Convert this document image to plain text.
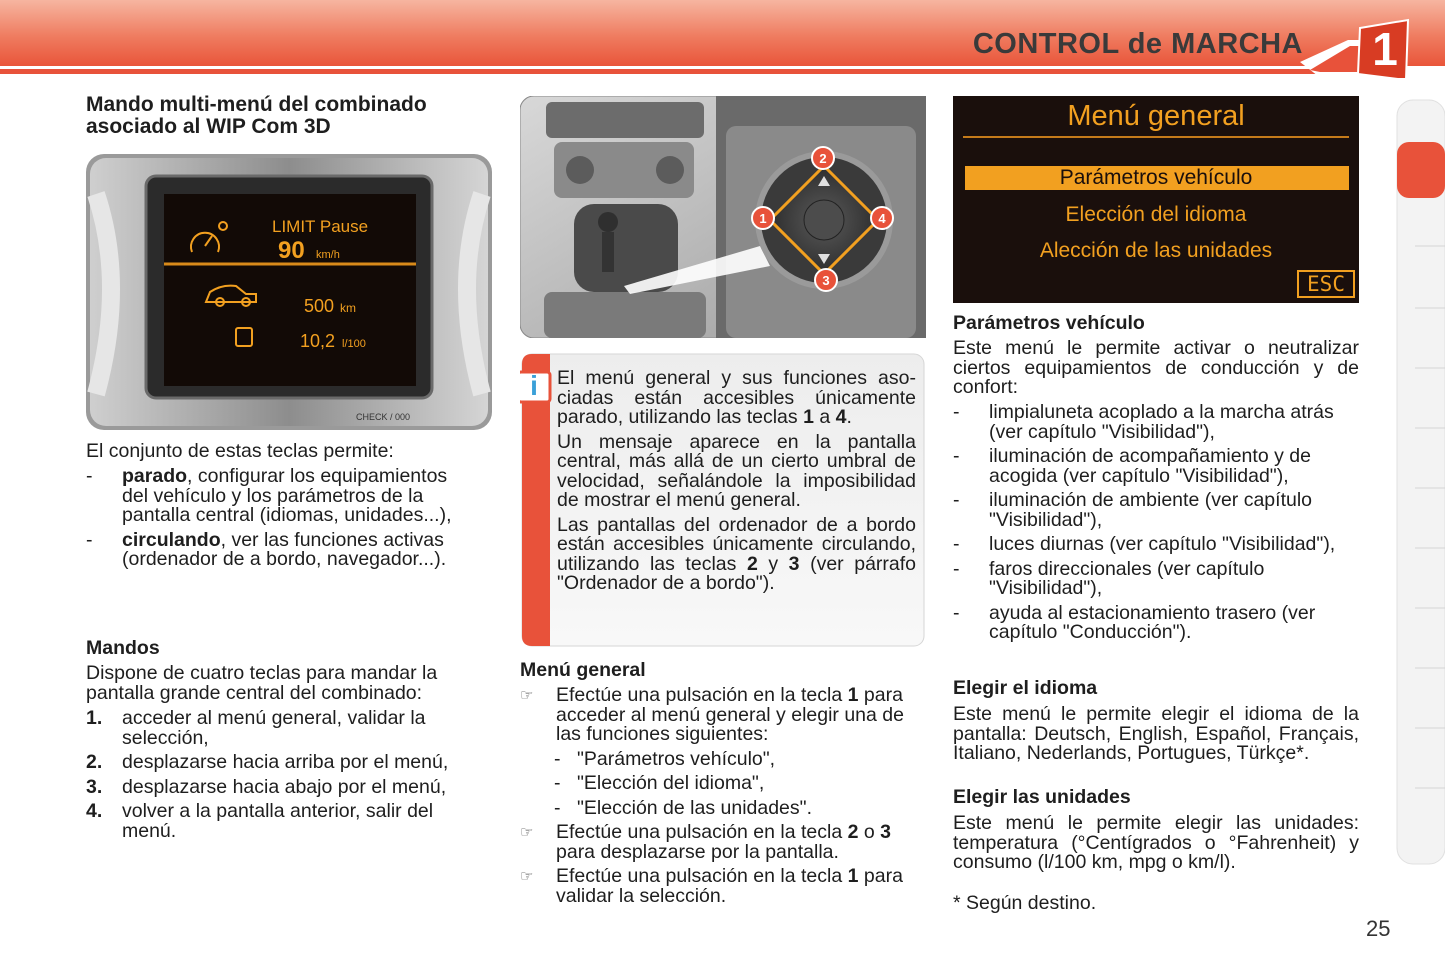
CONTROL de MARCHA 1
Mando multi-menú del combinado asociado al WIP Com 3D
LIMIT Pause
90 km/h
500 km
10,2 l/100
CHECK / 000
El conjunto de estas teclas permite:
- parado, configurar los equipamientos del vehículo y los parámetros de la pantalla central (idiomas, unidades...),
- circulando, ver las funciones activas (ordenador de a bordo, navegador...).
Mandos
Dispone de cuatro teclas para mandar la pantalla grande central del combinado:
1. acceder al menú general, validar la selección,
2. desplazarse hacia arriba por el menú,
3. desplazarse hacia abajo por el menú,
4. volver a la pantalla anterior, salir del menú.
1
2
3
4
i El menú general y sus funciones asociadas están accesibles únicamente parado, utilizando las teclas 1 a 4.
Un mensaje aparece en la pantalla central, más allá de un cierto umbral de velocidad, señalándole la imposibilidad de mostrar el menú general.
Las pantallas del ordenador de a bordo están accesibles únicamente circulando, utilizando las teclas 2 y 3 (ver párrafo "Ordenador de a bordo").
Menú general
☞ Efectúe una pulsación en la tecla 1 para acceder al menú general y elegir una de las funciones siguientes:
- "Parámetros vehículo",
- "Elección del idioma",
- "Elección de las unidades".
☞ Efectúe una pulsación en la tecla 2 o 3 para desplazarse por la pantalla.
☞ Efectúe una pulsación en la tecla 1 para validar la selección.
Menú general
Parámetros vehículo
Elección del idioma
Alección de las unidades
ESC
Parámetros vehículo
Este menú le permite activar o neutralizar ciertos equipamientos de conducción y de confort:
- limpialuneta acoplado a la marcha atrás (ver capítulo "Visibilidad"),
- iluminación de acompañamiento y de acogida (ver capítulo "Visibilidad"),
- iluminación de ambiente (ver capítulo "Visibilidad"),
- luces diurnas (ver capítulo "Visibilidad"),
- faros direccionales (ver capítulo "Visibilidad"),
- ayuda al estacionamiento trasero (ver capítulo "Conducción").
Elegir el idioma
Este menú le permite elegir el idioma de la pantalla: Deutsch, English, Español, Français, Italiano, Nederlands, Portugues, Türkçe*.
Elegir las unidades
Este menú le permite elegir las unidades: temperatura (°Centígrados o °Fahrenheit) y consumo (l/100 km, mpg o km/l).
* Según destino.
25
